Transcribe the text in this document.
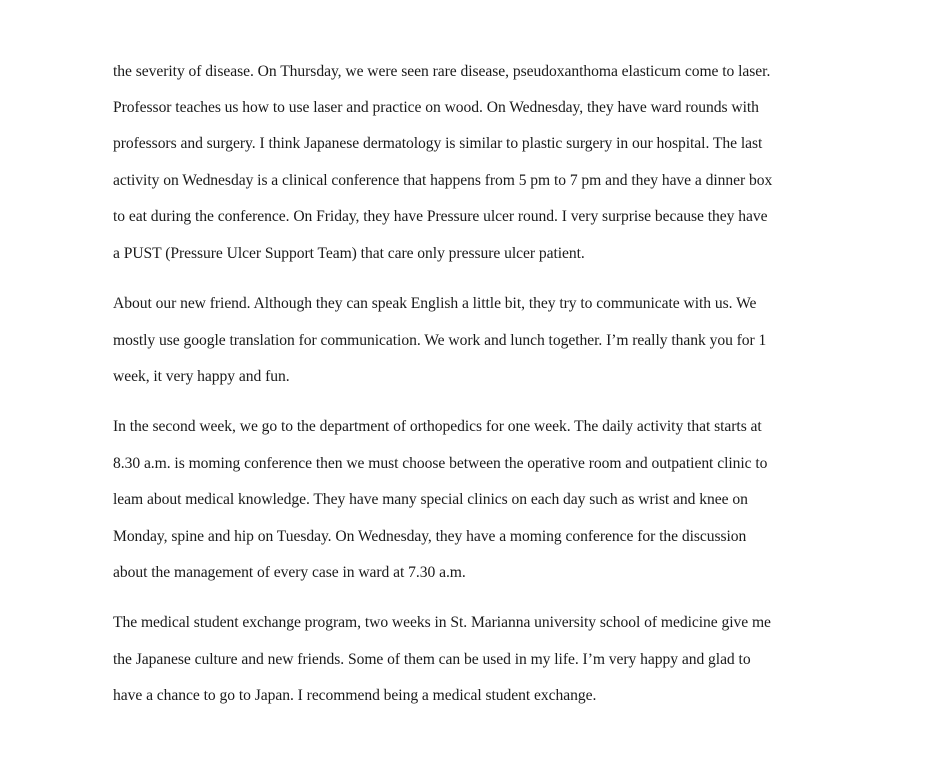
the severity of disease. On Thursday, we were seen rare disease, pseudoxanthoma elasticum come to laser.

Professor teaches us how to use laser and practice on wood. On Wednesday, they have ward rounds with

professors and surgery. I think Japanese dermatology is similar to plastic surgery in our hospital. The last

activity on Wednesday is a clinical conference that happens from 5 pm to 7 pm and they have a dinner box

to eat during the conference. On Friday, they have Pressure ulcer round. I very surprise because they have

a PUST (Pressure Ulcer Support Team) that care only pressure ulcer patient.

About our new friend. Although they can speak English a little bit, they try to communicate with us. We

mostly use google translation for communication. We work and lunch together. I’m really thank you for 1

week, it very happy and fun.

In the second week, we go to the department of orthopedics for one week. The daily activity that starts at

8.30 a.m. is moming conference then we must choose between the operative room and outpatient clinic to

leam about medical knowledge. They have many special clinics on each day such as wrist and knee on

Monday, spine and hip on Tuesday. On Wednesday, they have a moming conference for the discussion

about the management of every case in ward at 7.30 a.m.

The medical student exchange program, two weeks in St. Marianna university school of medicine give me

the Japanese culture and new friends. Some of them can be used in my life. I’m very happy and glad to

have a chance to go to Japan. I recommend being a medical student exchange.
